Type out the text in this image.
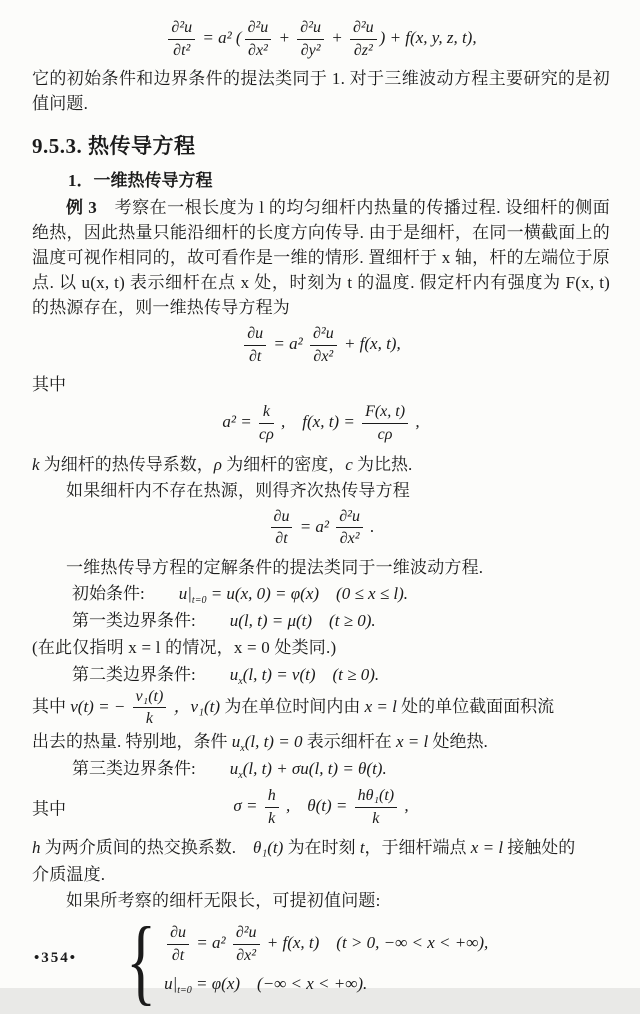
$\frac{\text{∂²u}}{\text{∂t²}} = a^2$ ( $\frac{\text{∂²u}}{\text{∂x²}} + \frac{\text{∂²u}}{\text{∂y²}} + \frac{\text{∂²u}}{\text{∂z²}}$ ) + f(x, y, z, t),

它的初始条件和边界条件的提法类同于 1. 对于三维波动方程主要研究的是初值问题.

9.5.3. 热传导方程
1．一维热传导方程

例 3　考察在一根长度为 l 的均匀细杆内热量的传播过程. 设细杆的侧面绝热，因此热量只能沿细杆的长度方向传导. 由于是细杆，在同一横截面上的温度可视作相同的，故可看作是一维的情形. 置细杆于 x 轴，杆的左端位于原点. 以 u(x, t) 表示细杆在点 x 处，时刻为 t 的温度. 假定杆内有强度为 F(x, t) 的热源存在，则一维热传导方程为

$\frac{\partial u}{\partial t} = a^2 \frac{\text{∂²u}}{\text{∂x²}} + f(x$, t),
其中
$a^2 = \frac{k}{c\rho}$ ,　f(x, $t) = \frac{F(x, t)}{c\rho}$ ,
k 为细杆的热传导系数，ρ 为细杆的密度，c 为比热.

如果细杆内不存在热源，则得齐次热传导方程

$\frac{\partial u}{\partial t} = a^2 \frac{\text{∂²u}}{\text{∂x²}}$ .

一维热传导方程的定解条件的提法类同于一维波动方程.

初始条件:　　$u|_{t=0} = u(x$, 0) = φ(x)　(0 ≤ x ≤ l).
第一类边界条件:　　u(l, t) = μ(t)　(t ≥ 0).
(在此仅指明 x = l 的情况，x = 0 处类同.)
第二类边界条件:　　$u_x(l$, t) = ν(t)　(t ≥ 0).
其中 ν(t) = − $\frac{\text{ν₁(t)}}{k}$ ，ν₁(t) 为在单位时间内由 x = l 处的单位截面面积流
出去的热量. 特别地，条件 $u_x(l$, t) = 0 表示细杆在 x = l 处绝热.
第三类边界条件:　　$u_x(l$, t) + σu(l, t) = θ(t).
其中	$\sigma = \frac{h}{k}$ ,　$\theta(t) = \frac{\text{hθ₁(t)}}{k}$ ,
h 为两介质间的热交换系数.　θ₁(t) 为在时刻 t，于细杆端点 x = l 接触处的
介质温度.

如果所考察的细杆无限长，可提初值问题:

{ $\frac{\partial u}{\partial t} = a^2 \frac{\text{∂²u}}{\text{∂x²}} + f(x$, t)　(t > 0, −∞ < x < +∞),
$u|_{t=0} = \varphi(x)$　(−∞ < x < +∞).
•354•
